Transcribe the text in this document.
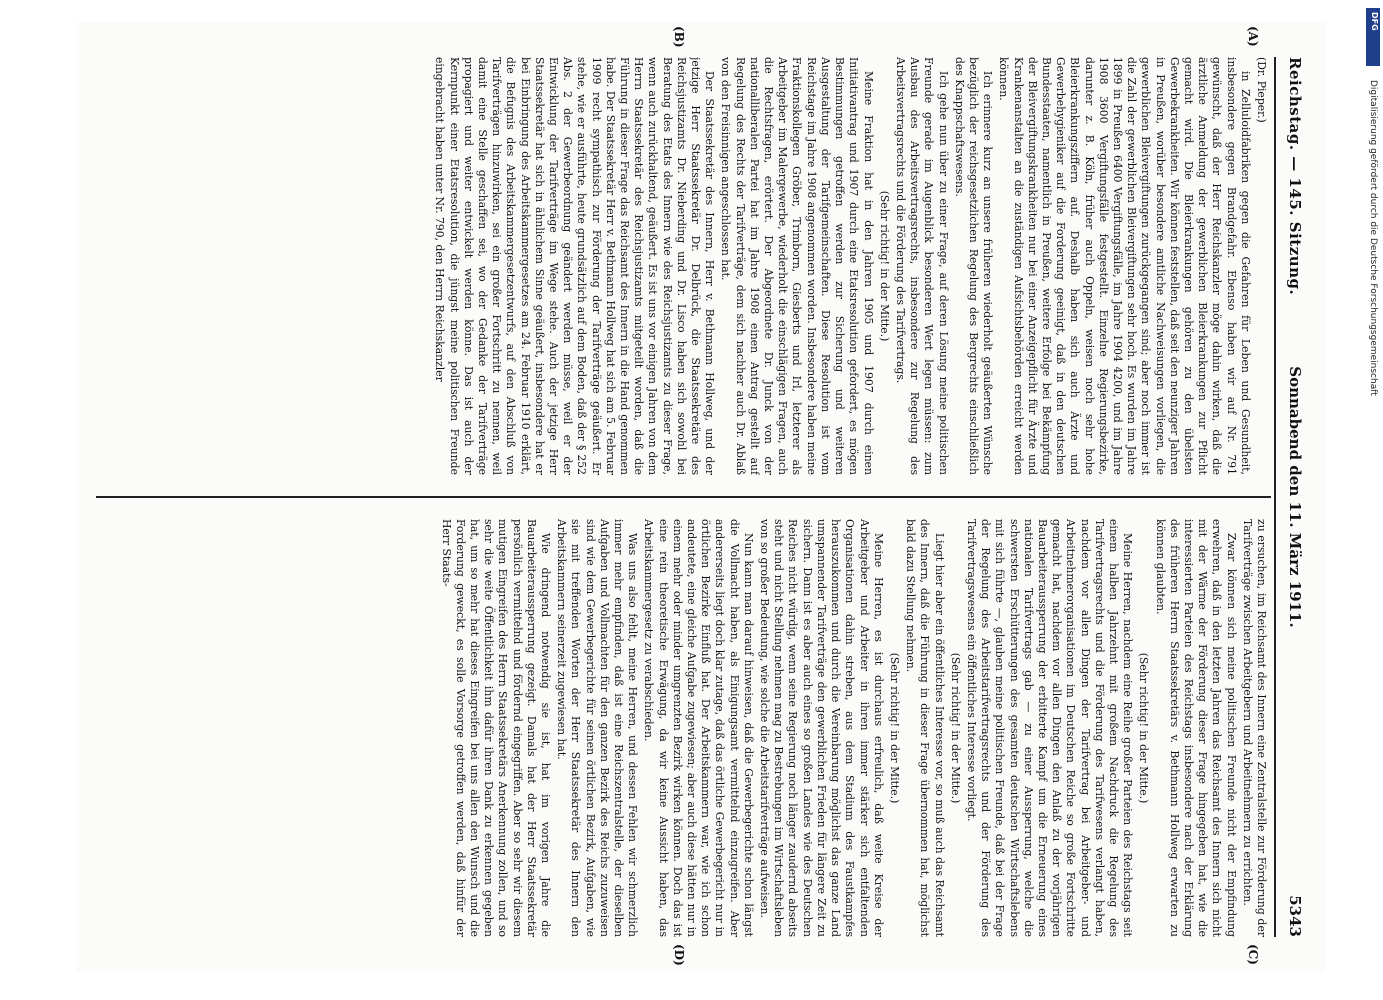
Reichstag. — 145. Sitzung.
Sonnabend den 11. März 1911.
5343
(A)
(B)
(C)
(D)
(Dr. Pieper.)

in Zelluloidfabriken gegen die Gefahren für Leben und Gesundheit, insbesondere gegen Brandgefahr. Ebenso haben wir auf Nr. 791 gewünscht, daß der Herr Reichskanzler möge dahin wirken, daß die ärztliche Anmeldung der gewerblichen Bleierkrankungen zur Pflicht gemacht wird. Die Bleierkrankungen gehören zu den übelsten Gewerbekrankheiten. Wir können feststellen, daß seit den neunziger Jahren in Preußen, worüber besondere amtliche Nachweisungen vorliegen, die gewerblichen Bleivergiftungen zurückgegangen sind; aber noch immer ist die Zahl der gewerblichen Bleivergiftungen sehr hoch. Es wurden im Jahre 1899 in Preußen 6400 Vergiftungsfälle, im Jahre 1904 4200, und im Jahre 1908 3600 Vergiftungsfälle festgestellt. Einzelne Regierungsbezirke, darunter z. B. Köln, früher auch Oppeln, weisen noch sehr hohe Bleierkrankungsziffern auf. Deshalb haben sich auch Ärzte und Gewerbehygieniker auf die Forderung geeinigt, daß in den deutschen Bundesstaaten, namentlich in Preußen, weitere Erfolge bei Bekämpfung der Bleivergiftungskrankheiten nur bei einer Anzeigepflicht für Ärzte und Krankenanstalten an die zuständigen Aufsichtsbehörden erreicht werden können.

Ich erinnere kurz an unsere früheren wiederholt geäußerten Wünsche bezüglich der reichsgesetzlichen Regelung des Bergrechts einschließlich des Knappschaftswesens.

Ich gehe nun über zu einer Frage, auf deren Lösung meine politischen Freunde gerade im Augenblick besonderen Wert legen müssen: zum Ausbau des Arbeitsvertragsrechts, insbesondere zur Regelung des Arbeitsvertragsrechts und die Förderung des Tarifvertrags.

(Sehr richtig! in der Mitte.)

Meine Fraktion hat in den Jahren 1905 und 1907 durch einen Initiativantrag und 1907 durch eine Etatsresolution gefordert, es mögen Bestimmungen getroffen werden zur Sicherung und weiteren Ausgestaltung der Tarifgemeinschaften. Diese Resolution ist vom Reichstage im Jahre 1908 angenommen worden. Insbesondere haben meine Fraktionskollegen Gröber, Trimborn, Giesberts und Irl, letzterer als Arbeitgeber im Malergewerbe, wiederholt die einschlägigen Fragen, auch die Rechtsfragen, erörtert. Der Abgeordnete Dr. Junck von der nationalliberalen Partei hat im Jahre 1908 einen Antrag gestellt auf Regelung des Rechts der Tarifverträge, dem sich nachher auch Dr. Ablaß von den Freisinnigen angeschlossen hat.

Der Staatssekretär des Innern, Herr v. Bethmann Hollweg, und der jetzige Herr Staatssekretär Dr. Delbrück, die Staatssekretäre des Reichsjustizamts Dr. Nieberding und Dr. Lisco haben sich sowohl bei Beratung des Etats des Innern wie des Reichsjustizamts zu dieser Frage, wenn auch zurückhaltend, geäußert. Es ist uns vor einigen Jahren von dem Herrn Staatssekretär des Reichsjustizamts mitgeteilt worden, daß die Führung in dieser Frage das Reichsamt des Innern in die Hand genommen habe. Der Staatssekretär Herr v. Bethmann Hollweg hat sich am 5. Februar 1909 recht sympathisch zur Förderung der Tarifverträge geäußert. Er stehe, wie er ausführte, heute grundsätzlich auf dem Boden, daß der § 252 Abs. 2 der Gewerbeordnung geändert werden müsse, weil er der Entwicklung der Tarifverträge im Wege stehe. Auch der jetzige Herr Staatssekretär hat sich in ähnlichem Sinne geäußert, insbesondere hat er bei Einbringung des Arbeitskammergesetzes am 24. Februar 1910 erklärt, die Befugnis des Arbeitskammergesetzentwurfs, auf den Abschluß von Tarifverträgen hinzuwirken, sei ein großer Fortschritt zu nennen, weil damit eine Stelle geschaffen sei, wo der Gedanke der Tarifverträge propagiert und weiter entwickelt werden könne. Das ist auch der Kernpunkt einer Etatsresolution, die jüngst meine politischen Freunde eingebracht haben unter Nr. 790, den Herrn Reichskanzler

zu ersuchen, im Reichsamt des Innern eine Zentralstelle zur Förderung der Tarifverträge zwischen Arbeitgebern und Arbeitnehmern zu errichten.

Zwar können sich meine politischen Freunde nicht der Empfindung erwehren, daß in den letzten Jahren das Reichsamt des Innern sich nicht mit der Wärme der Förderung dieser Frage hingegeben hat, wie die interessierten Parteien des Reichstags insbesondere nach der Erklärung des früheren Herrn Staatssekretärs v. Bethmann Hollweg erwarten zu können glaubten.

(Sehr richtig! in der Mitte.)

Meine Herren, nachdem eine Reihe großer Parteien des Reichstags seit einem halben Jahrzehnt mit großem Nachdruck die Regelung des Tarifvertragsrechts und die Förderung des Tarifwesens verlangt haben, nachdem vor allen Dingen der Tarifvertrag bei Arbeitgeber- und Arbeitnehmerorganisationen im Deutschen Reiche so große Fortschritte gemacht hat, nachdem vor allen Dingen den Anlaß zu der vorjährigen Bauarbeiteraussperrung der erbitterte Kampf um die Erneuerung eines nationalen Tarifvertrags gab — zu einer Aussperrung, welche die schwersten Erschütterungen des gesamten deutschen Wirtschaftslebens mit sich führte —, glauben meine politischen Freunde, daß bei der Frage der Regelung des Arbeitstarifvertragsrechts und der Förderung des Tarifvertragswesens ein öffentliches Interesse vorliegt.

(Sehr richtig! in der Mitte.)

Liegt hier aber ein öffentliches Interesse vor, so muß auch das Reichsamt des Innern, daß die Führung in dieser Frage übernommen hat, möglichst bald dazu Stellung nehmen.

(Sehr richtig! in der Mitte.)

Meine Herren, es ist durchaus erfreulich, daß weite Kreise der Arbeitgeber und Arbeiter in ihren immer stärker sich entfaltenden Organisationen dahin streben, aus dem Stadium des Faustkampfes herauszukommen und durch die Vereinbarung möglichst das ganze Land umspannender Tarifverträge den gewerblichen Frieden für längere Zeit zu sichern. Dann ist es aber auch eines so großen Landes wie des Deutschen Reiches nicht würdig, wenn seine Regierung noch länger zaudernd abseits steht und nicht Stellung nehmen mag zu Bestrebungen im Wirtschaftsleben von so großer Bedeutung, wie solche die Arbeitstarifverträge aufweisen.

Nun kann man darauf hinweisen, daß die Gewerbegerichte schon längst die Vollmacht haben, als Einigungsamt vermittelnd einzugreifen. Aber andererseits liegt doch klar zutage, daß das örtliche Gewerbegericht nur in örtlichen Bezirke Einfluß hat. Der Arbeitskammern war, wie ich schon andeutete, eine gleiche Aufgabe zugewiesen; aber auch diese hätten nur in einem mehr oder minder umgrenzten Bezirk wirken können. Doch das ist eine rein theoretische Erwägung, da wir keine Aussicht haben, das Arbeitskammergesetz zu verabschieden.

Was uns also fehlt, meine Herren, und dessen Fehlen wir schmerzlich immer mehr empfinden, daß ist eine Reichszentralstelle, der dieselben Aufgaben und Vollmachten für den ganzen Bezirk des Reichs zuzuweisen sind wie dem Gewerbegerichte für seinen örtlichen Bezirk, Aufgaben, wie sie mit treffenden Worten der Herr Staatssekretär des Innern den Arbeitskammern seinerzeit zugewiesen hat.

Wie dringend notwendig sie ist, hat im vorigen Jahre die Bauarbeiteraussperrung gezeigt. Damals hat der Herr Staatssekretär persönlich vermittelnd und fördernd eingegriffen. Aber so sehr wir diesem mutigen Eingreifen des Herrn Staatssekretärs Anerkennung zollen, und so sehr die weite Öffentlichkeit ihm dafür ihren Dank zu erkennen gegeben hat, um so mehr hat dieses Eingreifen bei uns allen den Wunsch und die Forderung geweckt, es solle Vorsorge getroffen werden, daß hinfür der Herr Staats-

DFG
Digitalisierung gefördert durch die Deutsche Forschungsgemeinschaft
